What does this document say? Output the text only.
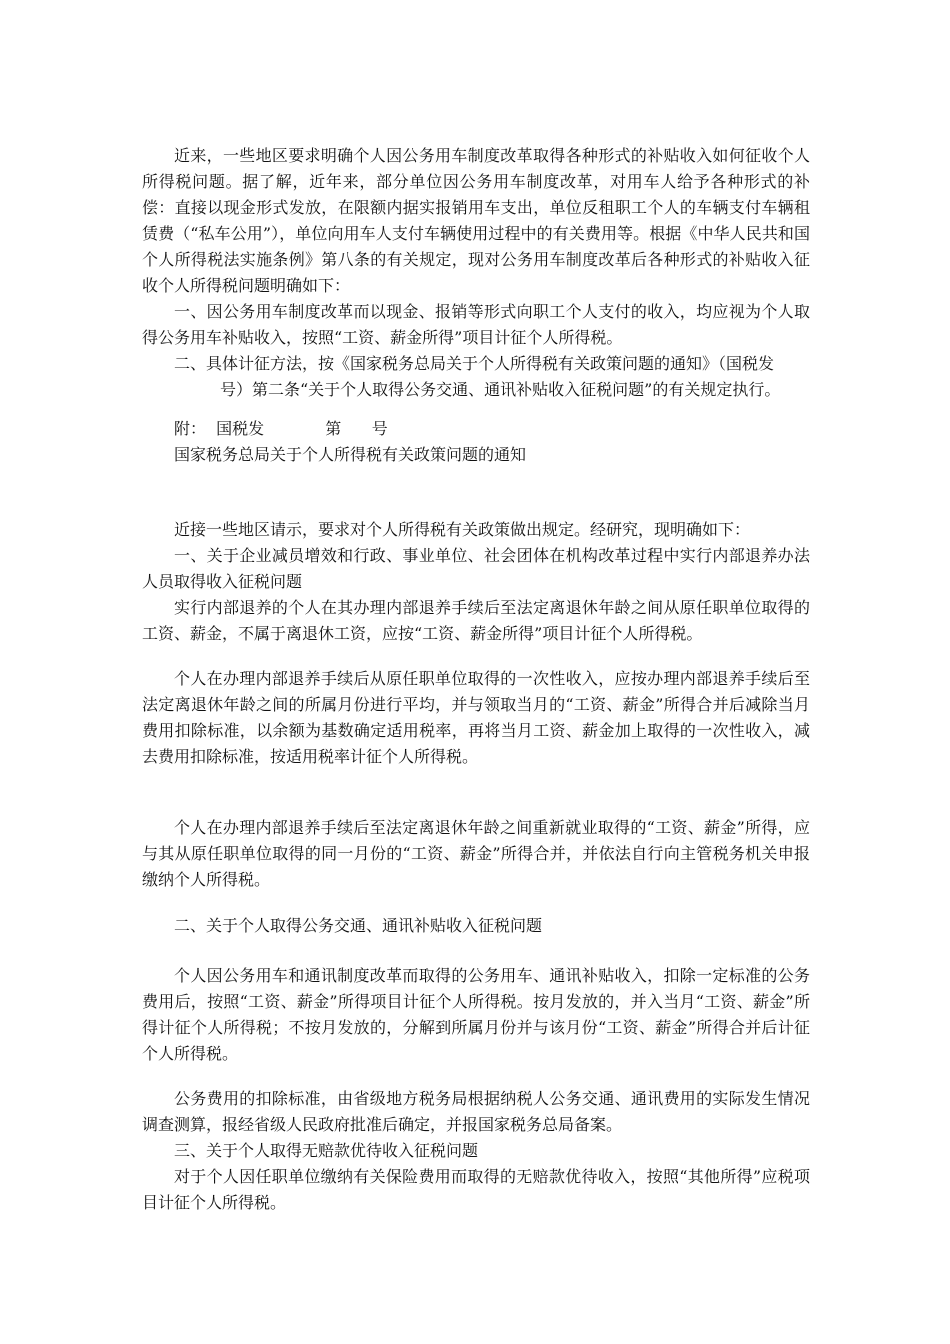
近来，一些地区要求明确个人因公务用车制度改革取得各种形式的补贴收入如何征收个人所得税问题。据了解，近年来，部分单位因公务用车制度改革，对用车人给予各种形式的补偿：直接以现金形式发放，在限额内据实报销用车支出，单位反租职工个人的车辆支付车辆租赁费（“私车公用”），单位向用车人支付车辆使用过程中的有关费用等。根据《中华人民共和国个人所得税法实施条例》第八条的有关规定，现对公务用车制度改革后各种形式的补贴收入征收个人所得税问题明确如下：

一、因公务用车制度改革而以现金、报销等形式向职工个人支付的收入，均应视为个人取得公务用车补贴收入，按照“工资、薪金所得”项目计征个人所得税。

二、具体计征方法，按《国家税务总局关于个人所得税有关政策问题的通知》（国税发
号）第二条“关于个人取得公务交通、通讯补贴收入征税问题”的有关规定执行。

附：  国税发            第      号

国家税务总局关于个人所得税有关政策问题的通知

近接一些地区请示，要求对个人所得税有关政策做出规定。经研究，现明确如下：

一、关于企业减员增效和行政、事业单位、社会团体在机构改革过程中实行内部退养办法人员取得收入征税问题

实行内部退养的个人在其办理内部退养手续后至法定离退休年龄之间从原任职单位取得的工资、薪金，不属于离退休工资，应按“工资、薪金所得”项目计征个人所得税。

个人在办理内部退养手续后从原任职单位取得的一次性收入，应按办理内部退养手续后至法定离退休年龄之间的所属月份进行平均，并与领取当月的“工资、薪金”所得合并后减除当月费用扣除标准，以余额为基数确定适用税率，再将当月工资、薪金加上取得的一次性收入，减去费用扣除标准，按适用税率计征个人所得税。

个人在办理内部退养手续后至法定离退休年龄之间重新就业取得的“工资、薪金”所得，应与其从原任职单位取得的同一月份的“工资、薪金”所得合并，并依法自行向主管税务机关申报缴纳个人所得税。

二、关于个人取得公务交通、通讯补贴收入征税问题

个人因公务用车和通讯制度改革而取得的公务用车、通讯补贴收入，扣除一定标准的公务费用后，按照“工资、薪金”所得项目计征个人所得税。按月发放的，并入当月“工资、薪金”所得计征个人所得税；不按月发放的，分解到所属月份并与该月份“工资、薪金”所得合并后计征个人所得税。

公务费用的扣除标准，由省级地方税务局根据纳税人公务交通、通讯费用的实际发生情况调查测算，报经省级人民政府批准后确定，并报国家税务总局备案。

三、关于个人取得无赔款优待收入征税问题

对于个人因任职单位缴纳有关保险费用而取得的无赔款优待收入，按照“其他所得”应税项目计征个人所得税。
